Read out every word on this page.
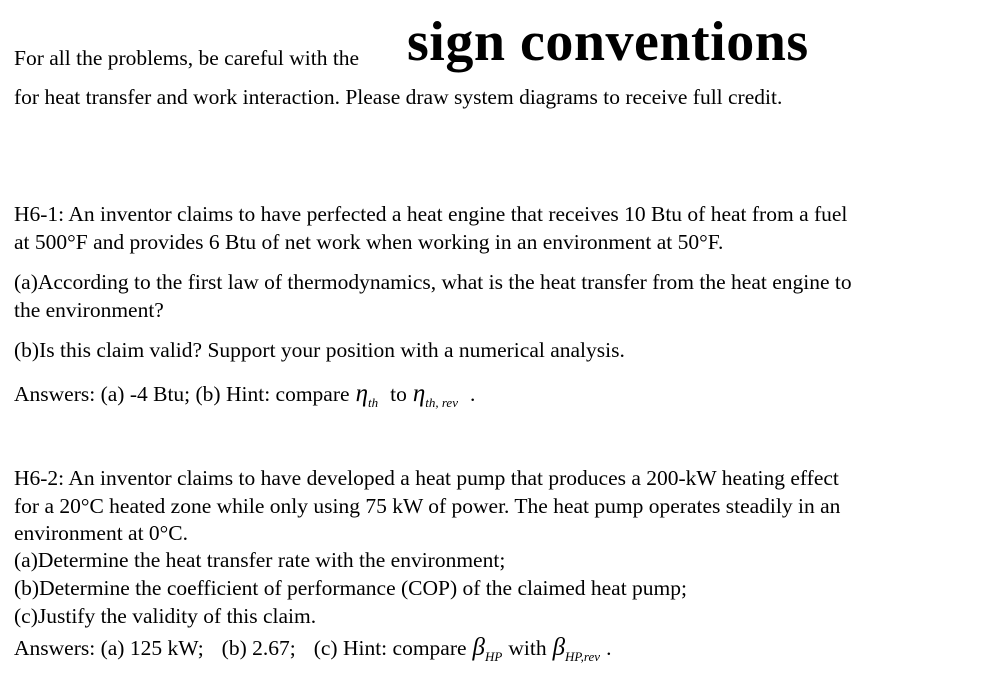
For all the problems, be careful with the sign conventions
for heat transfer and work interaction. Please draw system diagrams to receive full credit.
H6-1: An inventor claims to have perfected a heat engine that receives 10 Btu of heat from a fuel
at 500°F and provides 6 Btu of net work when working in an environment at 50°F.
(a)According to the first law of thermodynamics, what is the heat transfer from the heat engine to
the environment?
(b)Is this claim valid? Support your position with a numerical analysis.
Answers: (a) -4 Btu; (b) Hint: compare $\eta_{th}$ to $\eta_{th, rev}$ .
H6-2: An inventor claims to have developed a heat pump that produces a 200-kW heating effect
for a 20°C heated zone while only using 75 kW of power. The heat pump operates steadily in an
environment at 0°C.
(a)Determine the heat transfer rate with the environment;
(b)Determine the coefficient of performance (COP) of the claimed heat pump;
(c)Justify the validity of this claim.
Answers: (a) 125 kW; (b) 2.67; (c) Hint: compare $\beta_{HP}$ with $\beta_{HP,rev}$ .
